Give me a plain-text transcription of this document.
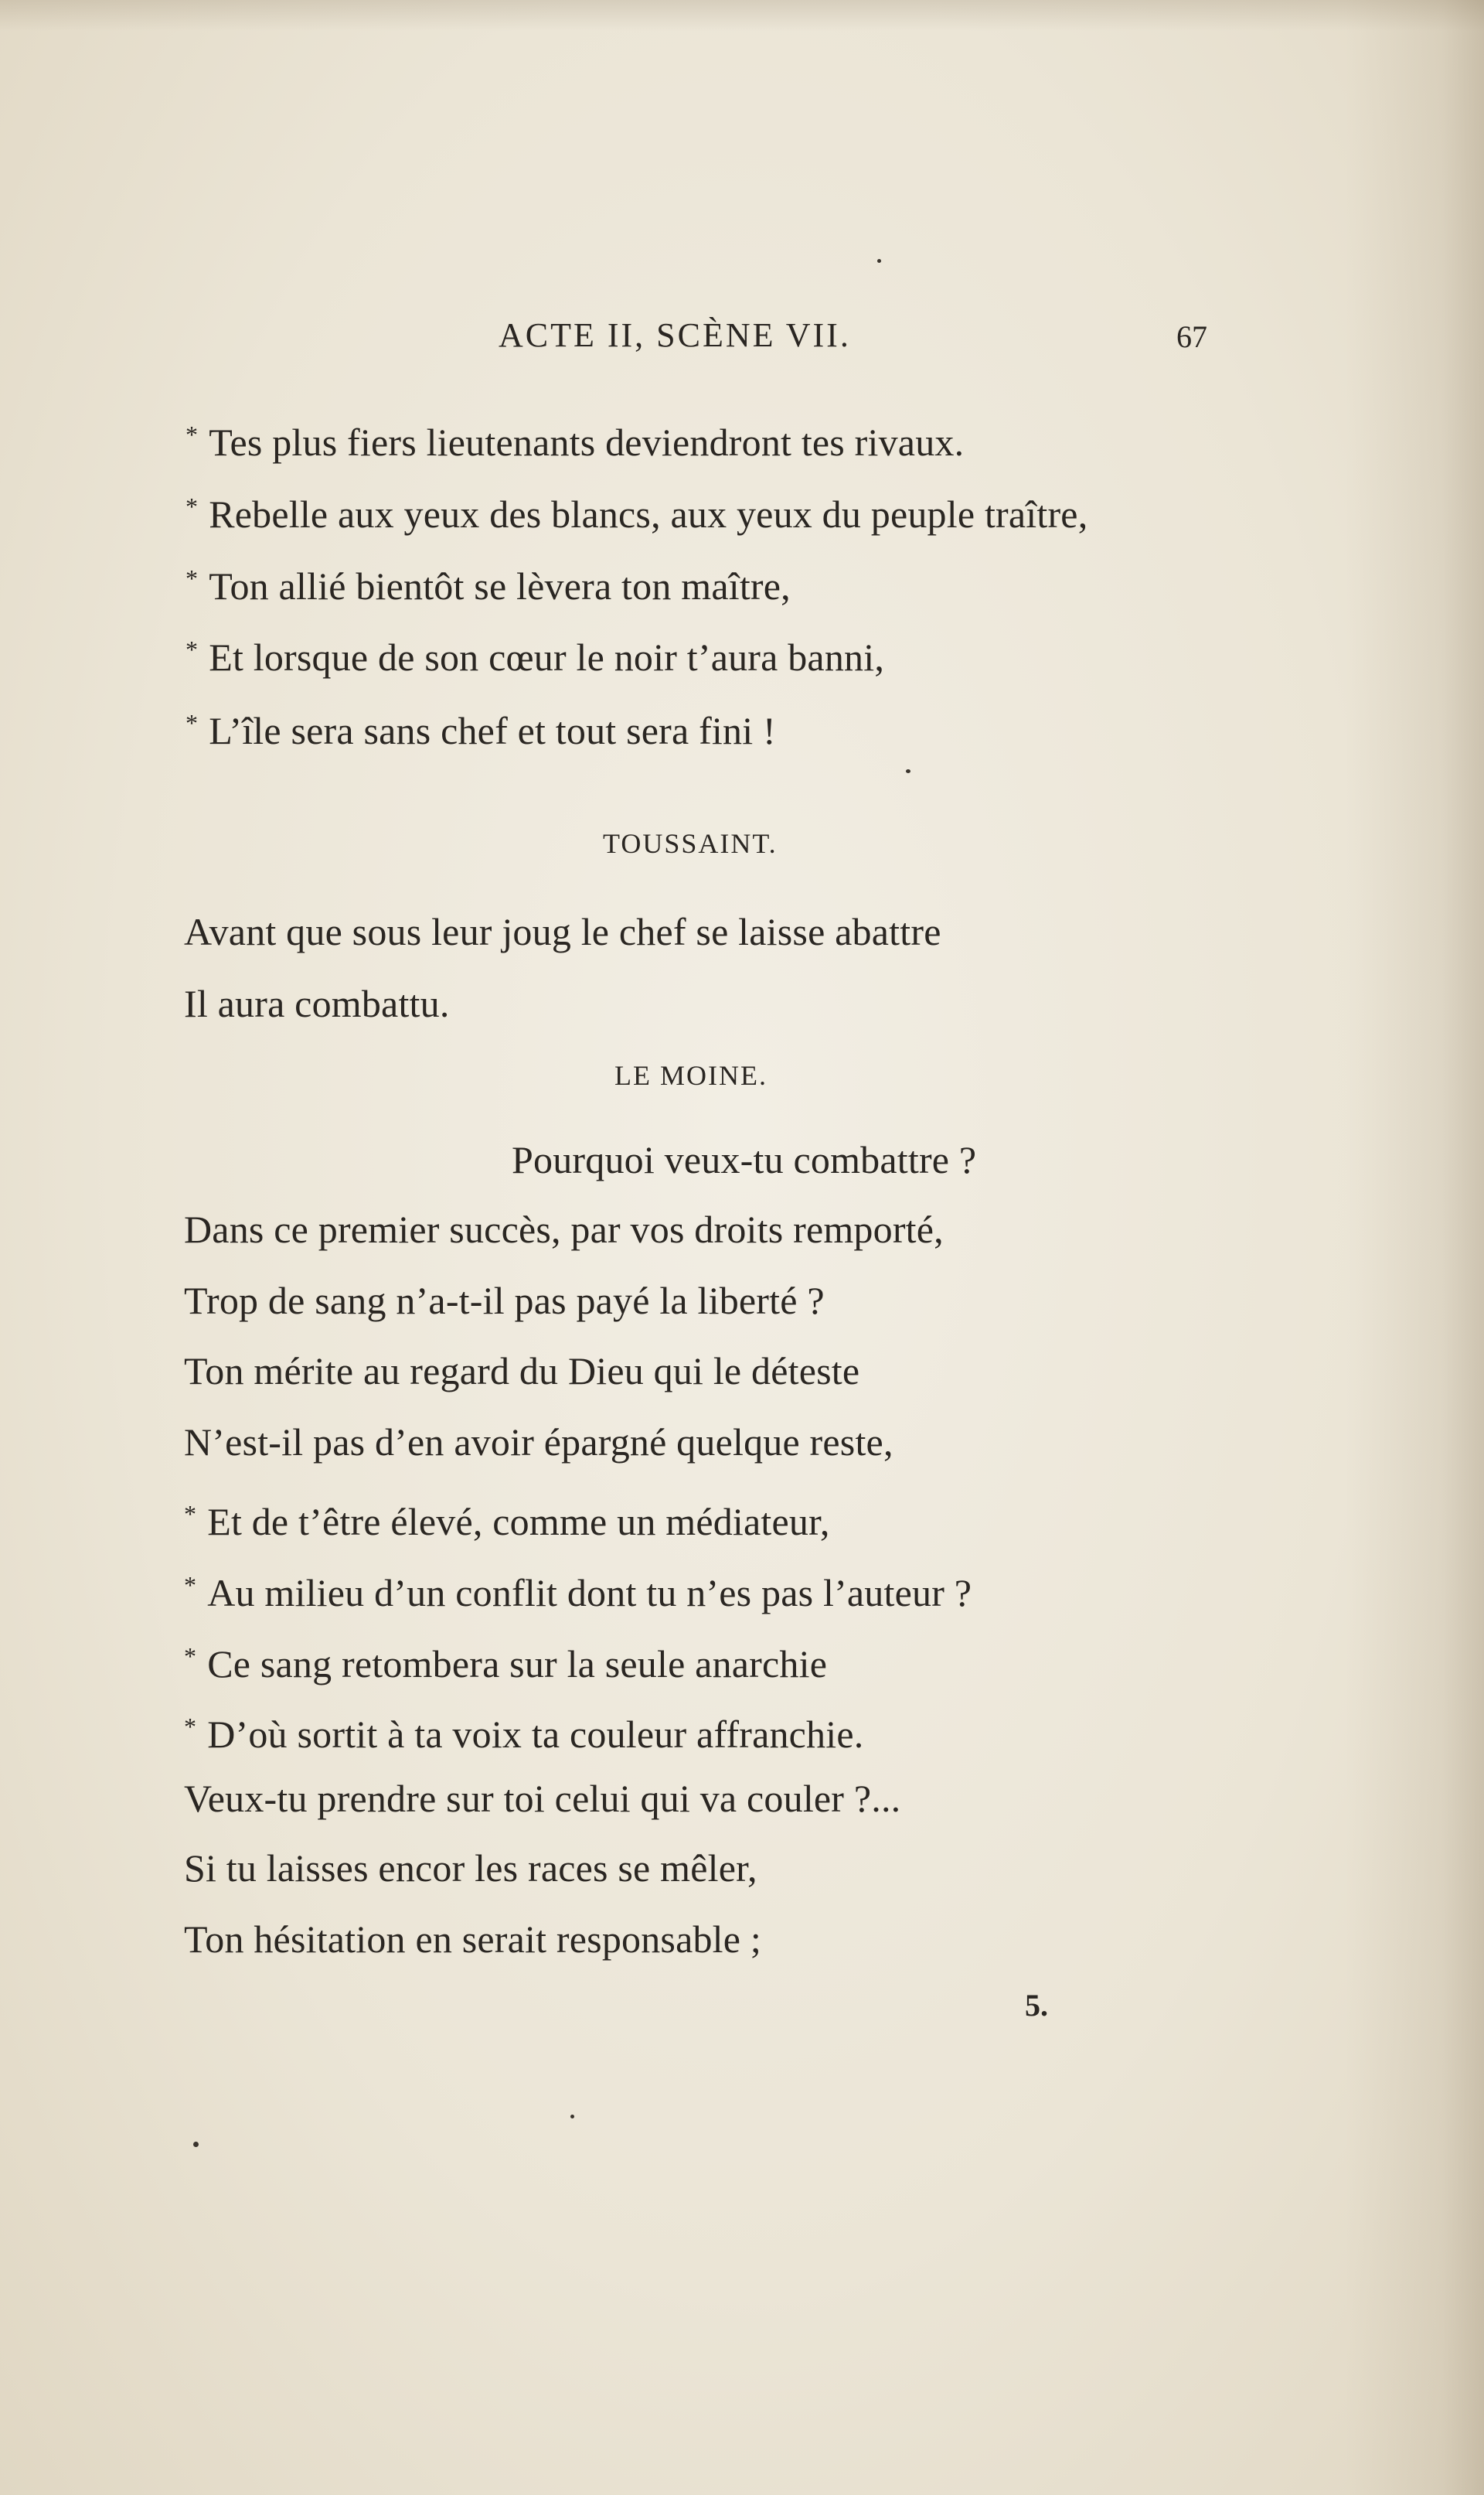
ACTE II, SCÈNE VII.	67
* Tes plus fiers lieutenants deviendront tes rivaux.
* Rebelle aux yeux des blancs, aux yeux du peuple traître,
* Ton allié bientôt se lèvera ton maître,
* Et lorsque de son cœur le noir t’aura banni,
* L’île sera sans chef et tout sera fini !
TOUSSAINT.
Avant que sous leur joug le chef se laisse abattre
Il aura combattu.
LE MOINE.
Pourquoi veux-tu combattre ?
Dans ce premier succès, par vos droits remporté,
Trop de sang n’a-t-il pas payé la liberté ?
Ton mérite au regard du Dieu qui le déteste
N’est-il pas d’en avoir épargné quelque reste,
* Et de t’être élevé, comme un médiateur,
* Au milieu d’un conflit dont tu n’es pas l’auteur ?
* Ce sang retombera sur la seule anarchie
* D’où sortit à ta voix ta couleur affranchie.
Veux-tu prendre sur toi celui qui va couler ?...
Si tu laisses encor les races se mêler,
Ton hésitation en serait responsable ;
5.
